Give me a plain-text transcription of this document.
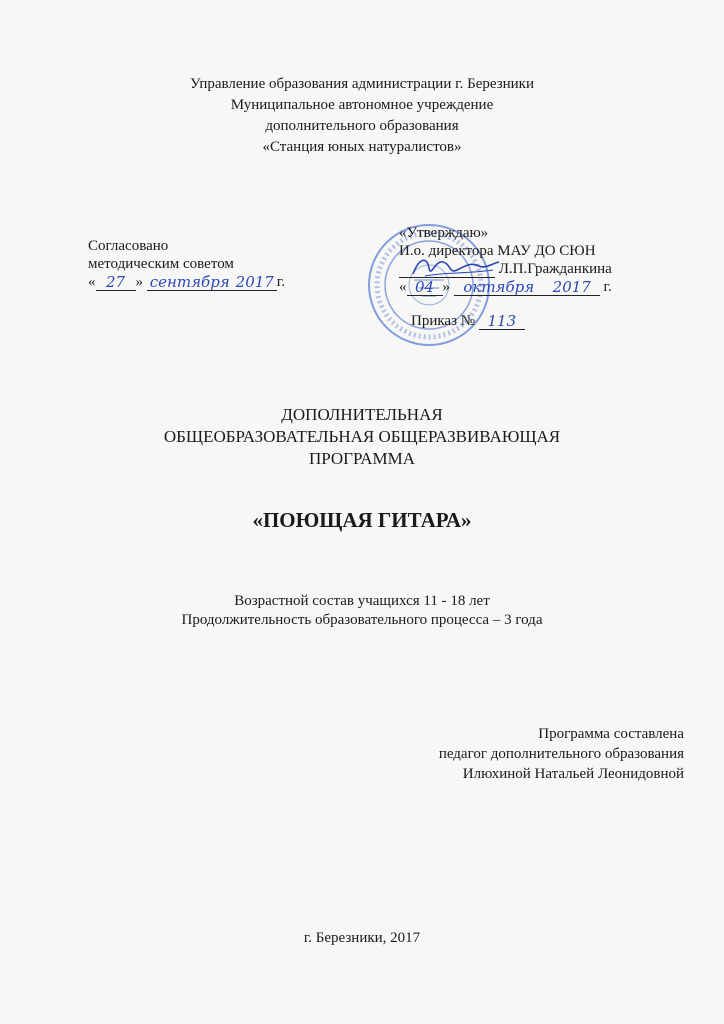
Управление образования администрации г. Березники
Муниципальное автономное учреждение
дополнительного образования
«Станция юных натуралистов»
Согласовано
методическим советом
« 27 » сентября 2017 г.
«Утверждаю»
И.о. директора МАУ ДО СЮН
Л.П.Гражданкина
« 04 » октября 2017 г.
Приказ № 113
ДОПОЛНИТЕЛЬНАЯ
ОБЩЕОБРАЗОВАТЕЛЬНАЯ ОБЩЕРАЗВИВАЮЩАЯ
ПРОГРАММА
«ПОЮЩАЯ ГИТАРА»
Возрастной состав учащихся 11 - 18 лет
Продолжительность образовательного процесса – 3 года
Программа составлена
педагог дополнительного образования
Илюхиной Натальей Леонидовной
г. Березники, 2017
